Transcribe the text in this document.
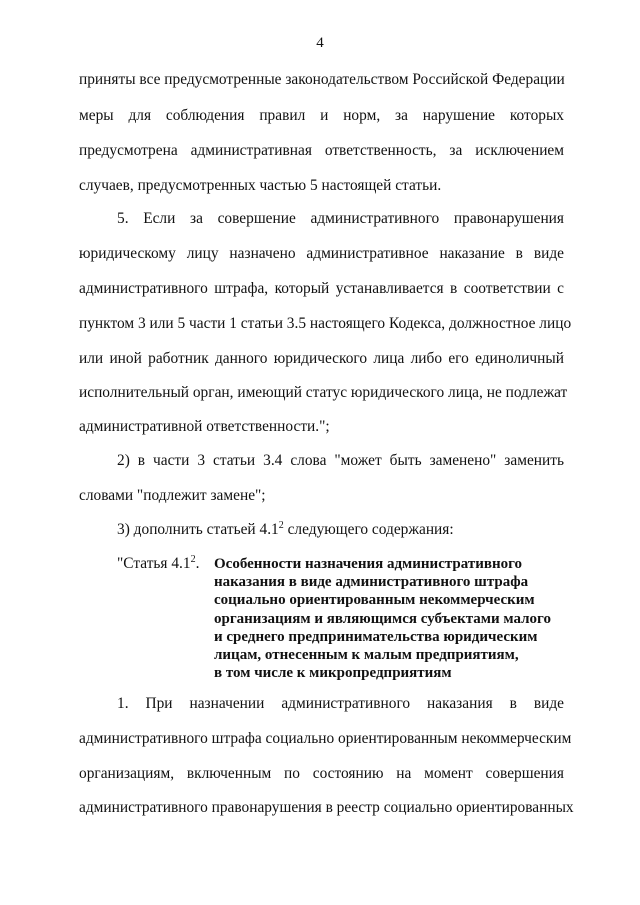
4
приняты все предусмотренные законодательством Российской Федерации
меры для соблюдения правил и норм, за нарушение которых
предусмотрена административная ответственность, за исключением
случаев, предусмотренных частью 5 настоящей статьи.
5. Если за совершение административного правонарушения
юридическому лицу назначено административное наказание в виде
административного штрафа, который устанавливается в соответствии с
пунктом 3 или 5 части 1 статьи 3.5 настоящего Кодекса, должностное лицо
или иной работник данного юридического лица либо его единоличный
исполнительный орган, имеющий статус юридического лица, не подлежат
административной ответственности.";
2) в части 3 статьи 3.4 слова "может быть заменено" заменить
словами "подлежит замене";
3) дополнить статьей $4.1^2$ следующего содержания:
"Статья $4.1^2$. Особенности назначения административного
наказания в виде административного штрафа
социально ориентированным некоммерческим
организациям и являющимся субъектами малого
и среднего предпринимательства юридическим
лицам, отнесенным к малым предприятиям,
в том числе к микропредприятиям
1. При назначении административного наказания в виде
административного штрафа социально ориентированным некоммерческим
организациям, включенным по состоянию на момент совершения
административного правонарушения в реестр социально ориентированных
